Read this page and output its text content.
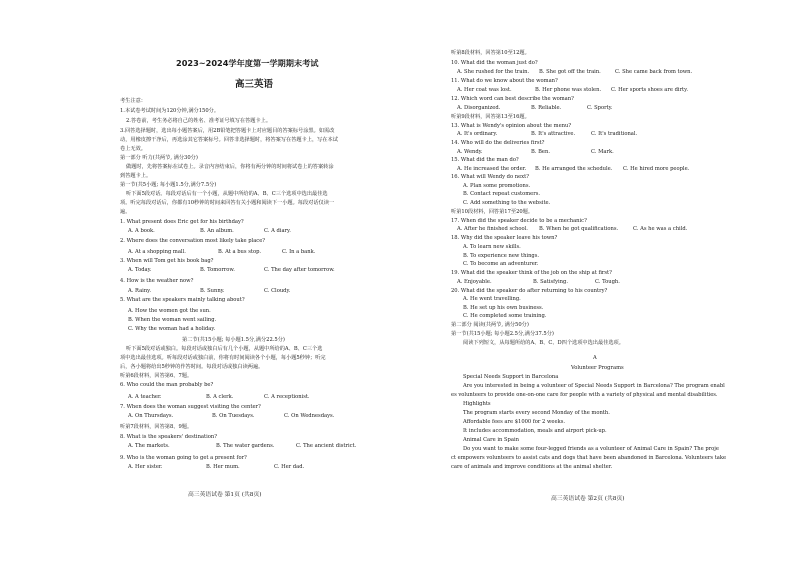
2023~2024学年度第一学期期末考试
高三英语
考生注意：
1.本试卷考试时间为120分钟,满分150分。
2.答卷前，考生务必将自己的姓名、准考证号填写在答题卡上。
3.回答选择题时，选出每小题答案后，用2B铅笔把答题卡上对应题目的答案标号涂黑。如需改
动，用橡皮擦干净后，再选涂其它答案标号。回答非选择题时，将答案写在答题卡上，写在本试
卷上无效。
第一部分 听力(共两节, 满分30分)
做题时，先将答案标在试卷上。录音内容结束后，你将有两分钟的时间将试卷上的答案转涂
到答题卡上。
第一节(共5小题; 每小题1.5分,满分7.5分)
听下面5段对话。每段对话后有一个小题，从题中所给的A、B、C三个选项中选出最佳选
项。听完每段对话后，你都有10秒钟的时间来回答有关小题和阅读下一小题。每段对话仅读一
遍。
1. What present does Eric get for his birthday?
A. A book.	B. An album.	C. A diary.
2. Where does the conversation most likely take place?
A. At a shopping mall.	B. At a bus stop.	C. In a bank.
3. When will Tom get his book bag?
A. Today.	B. Tomorrow.	C. The day after tomorrow.
4. How is the weather now?
A. Rainy.	B. Sunny.	C. Cloudy.
5. What are the speakers mainly talking about?
A. How the women got the sun.
B. When the woman went sailing.
C. Why the woman had a holiday.
第二节(共15小题; 每小题1.5分,满分22.5分)
听下面5段对话或独白。每段对话或独白后有几个小题，从题中所给的A、B、C三个选
项中选出最佳选项。听每段对话或独白前，你将有时间阅读各个小题，每小题5秒钟；听完
后，各小题将给出5秒钟的作答时间。每段对话或独白读两遍。
听第6段材料，回答第6、7题。
6. Who could the man probably be?
A. A teacher.	B. A clerk.	C. A receptionist.
7. When does the woman suggest visiting the center?
A. On Thursdays.	B. On Tuesdays.	C. On Wednesdays.
听第7段材料，回答第8、9题。
8. What is the speakers' destination?
A. The markets.	B. The water gardens.	C. The ancient district.
9. Who is the woman going to get a present for?
A. Her sister.	B. Her mum.	C. Her dad.
高三英语试卷 第1页 (共8页)
听第8段材料，回答第10至12题。
10. What did the woman just do?
A. She rushed for the train. B. She got off the train.	C. She came back from town.
11. What do we know about the woman?
A. Her coat was lost.	B. Her phone was stolen. C. Her sports shoes are dirty.
12. Which word can best describe the woman?
A. Disorganized.	B. Reliable.	C. Sporty.
听第9段材料，回答第13至16题。
13. What is Wendy's opinion about the menu?
A. It's ordinary.	B. It's attractive.	C. It's traditional.
14. Who will do the deliveries first?
A. Wendy.	B. Ben.	C. Mark.
15. What did the man do?
A. He increased the order. B. He arranged the schedule. C. He hired more people.
16. What will Wendy do next?
A. Plan some promotions.
B. Contact repeat customers.
C. Add something to the website.
听第10段材料，回答第17至20题。
17. When did the speaker decide to be a mechanic?
A. After he finished school. B. When he got qualifications.	C. As he was a child.
18. Why did the speaker leave his town?
A. To learn new skills.
B. To experience new things.
C. To become an adventurer.
19. What did the speaker think of the job on the ship at first?
A. Enjoyable.	B. Satisfying.	C. Tough.
20. What did the speaker do after returning to his country?
A. He went travelling.
B. He set up his own business.
C. He completed some training.
第二部分 阅读(共两节, 满分50分)
第一节(共15小题; 每小题2.5分,满分37.5分)
阅读下列短文，从每题所给的A、B、C、D四个选项中选出最佳选项。
A
Volunteer Programs
Special Needs Support in Barcelona
Are you interested in being a volunteer of Special Needs Support in Barcelona? The program enabl
es volunteers to provide one-on-one care for people with a variety of physical and mental disabilities.
Highlights
The program starts every second Monday of the month.
Affordable fees are $1000 for 2 weeks.
It includes accommodation, meals and airport pick-up.
Animal Care in Spain
Do you want to make some four-legged friends as a volunteer of Animal Care in Spain? The proje
ct empowers volunteers to assist cats and dogs that have been abandoned in Barcelona. Volunteers take
care of animals and improve conditions at the animal shelter.
高三英语试卷 第2页 (共8页)
